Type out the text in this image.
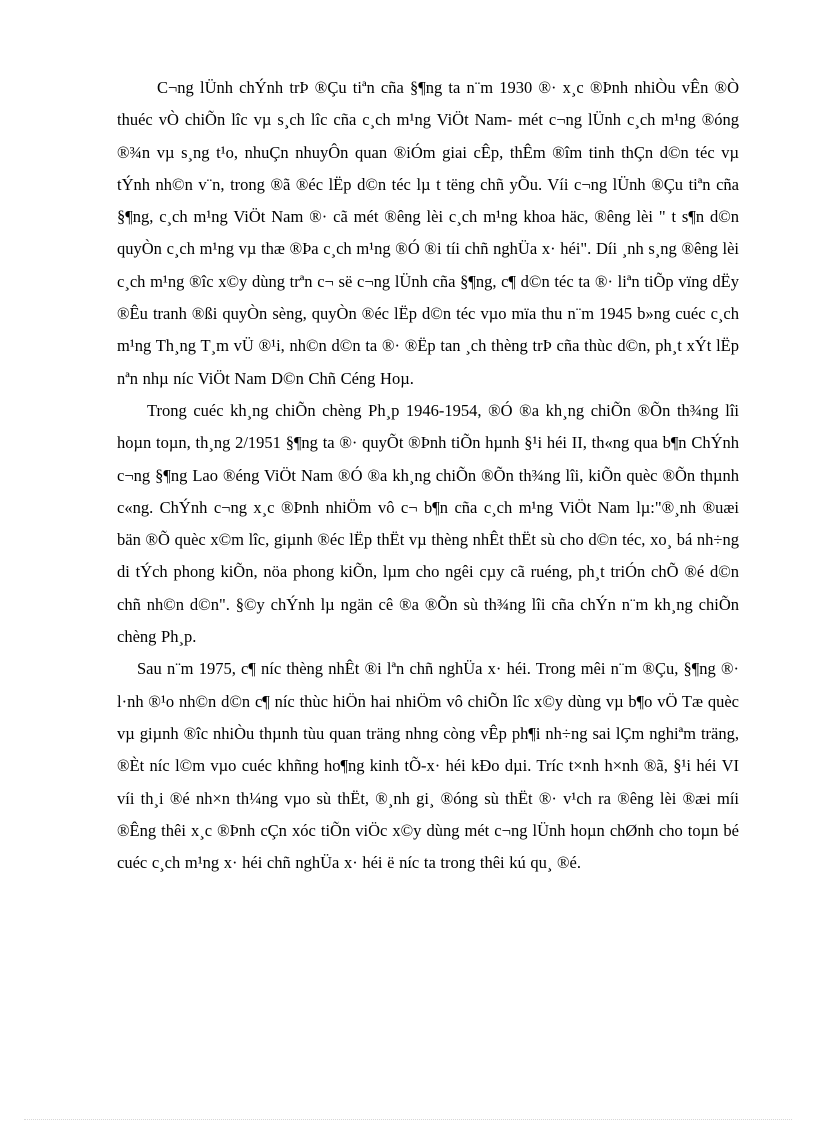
C¬ng lÜnh chÝnh trÞ ®Çu tiªn cña §¶ng ta n¨m 1930 ®· x¸c ®Þnh nhiÒu vÊn ®Ò thuéc vÒ chiÕn lîc vµ s¸ch lîc cña c¸ch m¹ng ViÖt Nam- mét c¬ng lÜnh c¸ch m¹ng ®óng ®¾n vµ s¸ng t¹o, nhuÇn nhuyÔn quan ®iÓm giai cÊp, thÊm ®îm tinh thÇn d©n téc vµ tÝnh nh©n v¨n, trong ®ã ®éc lËp d©n téc lµ t tëng chñ yÕu. Víi c¬ng lÜnh ®Çu tiªn cña §¶ng, c¸ch m¹ng ViÖt Nam ®· cã mét ®êng lèi c¸ch m¹ng khoa häc, ®êng lèi " t s¶n d©n quyÒn c¸ch m¹ng vµ thæ ®Þa c¸ch m¹ng ®Ó ®i tíi chñ nghÜa x· héi". Díi ¸nh s¸ng ®êng lèi c¸ch m¹ng ®îc x©y dùng trªn c¬ së c¬ng lÜnh cña §¶ng, c¶ d©n téc ta ®· liªn tiÕp vïng dËy ®Êu tranh ®ßi quyÒn sèng, quyÒn ®éc lËp d©n téc vµo mïa thu n¨m 1945 b»ng cuéc c¸ch m¹ng Th¸ng T¸m vÜ ®¹i, nh©n d©n ta ®· ®Ëp tan ¸ch thèng trÞ cña thùc d©n, ph¸t xÝt lËp nªn nhµ níc ViÖt Nam D©n Chñ Céng Hoµ.

Trong cuéc kh¸ng chiÕn chèng Ph¸p 1946-1954, ®Ó ®a kh¸ng chiÕn ®Õn th¾ng lîi hoµn toµn, th¸ng 2/1951 §¶ng ta ®· quyÕt ®Þnh tiÕn hµnh §¹i héi II, th«ng qua b¶n ChÝnh c¬ng §¶ng Lao ®éng ViÖt Nam ®Ó ®a kh¸ng chiÕn ®Õn th¾ng lîi, kiÕn quèc ®Õn thµnh c«ng. ChÝnh c¬ng x¸c ®Þnh nhiÖm vô c¬ b¶n cña c¸ch m¹ng ViÖt Nam lµ:"®¸nh ®uæi bän ®Õ quèc x©m lîc, giµnh ®éc lËp thËt vµ thèng nhÊt thËt sù cho d©n téc, xo¸ bá nh÷ng di tÝch phong kiÕn, nöa phong kiÕn, lµm cho ngêi cµy cã ruéng, ph¸t triÓn chÕ ®é d©n chñ nh©n d©n". §©y chÝnh lµ ngän cê ®a ®Õn sù th¾ng lîi cña chÝn n¨m kh¸ng chiÕn chèng Ph¸p.

Sau n¨m 1975, c¶ níc thèng nhÊt ®i lªn chñ nghÜa x· héi. Trong mêi n¨m ®Çu, §¶ng ®· l·nh ®¹o nh©n d©n c¶ níc thùc hiÖn hai nhiÖm vô chiÕn lîc x©y dùng vµ b¶o vÖ Tæ quèc vµ giµnh ®îc nhiÒu thµnh tùu quan träng nhng còng vÊp ph¶i nh÷ng sai lÇm nghiªm träng, ®Èt níc l©m vµo cuéc khñng ho¶ng kinh tÕ-x· héi kÐo dµi. Tríc t×nh h×nh ®ã, §¹i héi VI víi th¸i ®é nh×n th¼ng vµo sù thËt, ®¸nh gi¸ ®óng sù thËt ®· v¹ch ra ®êng lèi ®æi míi ®Êng thêi x¸c ®Þnh cÇn xóc tiÕn viÖc x©y dùng mét c¬ng lÜnh hoµn chØnh cho toµn bé cuéc c¸ch m¹ng x· héi chñ nghÜa x· héi ë níc ta trong thêi kú qu¸ ®é.
